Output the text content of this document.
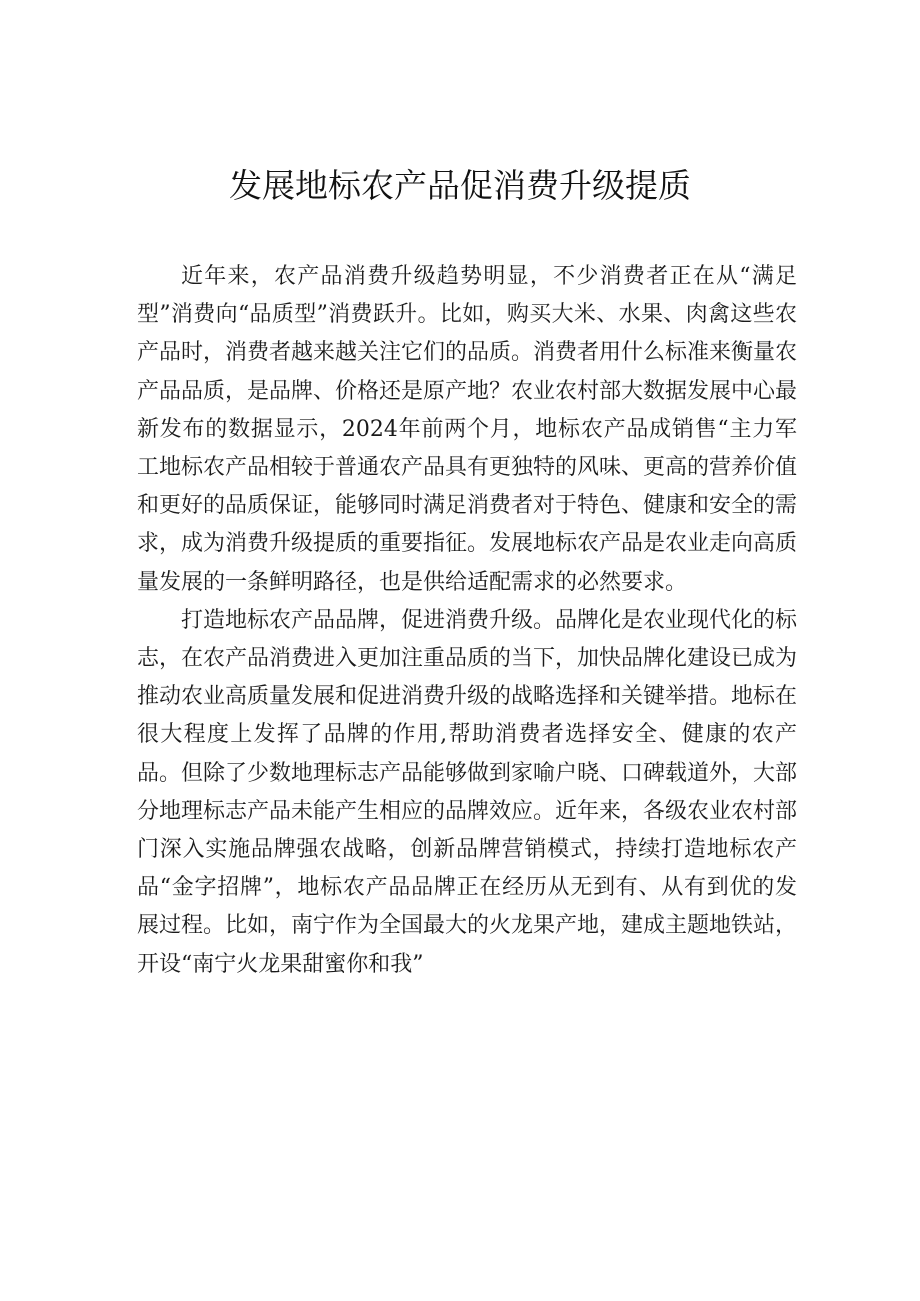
发展地标农产品促消费升级提质

近年来，农产品消费升级趋势明显，不少消费者正在从“满足型”消费向“品质型”消费跃升。比如，购买大米、水果、肉禽这些农产品时，消费者越来越关注它们的品质。消费者用什么标准来衡量农产品品质，是品牌、价格还是原产地？农业农村部大数据发展中心最新发布的数据显示，2024年前两个月，地标农产品成销售“主力军工地标农产品相较于普通农产品具有更独特的风味、更高的营养价值和更好的品质保证，能够同时满足消费者对于特色、健康和安全的需求，成为消费升级提质的重要指征。发展地标农产品是农业走向高质量发展的一条鲜明路径，也是供给适配需求的必然要求。

打造地标农产品品牌，促进消费升级。品牌化是农业现代化的标志，在农产品消费进入更加注重品质的当下，加快品牌化建设已成为推动农业高质量发展和促进消费升级的战略选择和关键举措。地标在很大程度上发挥了品牌的作用,帮助消费者选择安全、健康的农产品。但除了少数地理标志产品能够做到家喻户晓、口碑载道外，大部分地理标志产品未能产生相应的品牌效应。近年来，各级农业农村部门深入实施品牌强农战略，创新品牌营销模式，持续打造地标农产品“金字招牌”，地标农产品品牌正在经历从无到有、从有到优的发展过程。比如，南宁作为全国最大的火龙果产地，建成主题地铁站，开设“南宁火龙果甜蜜你和我”
